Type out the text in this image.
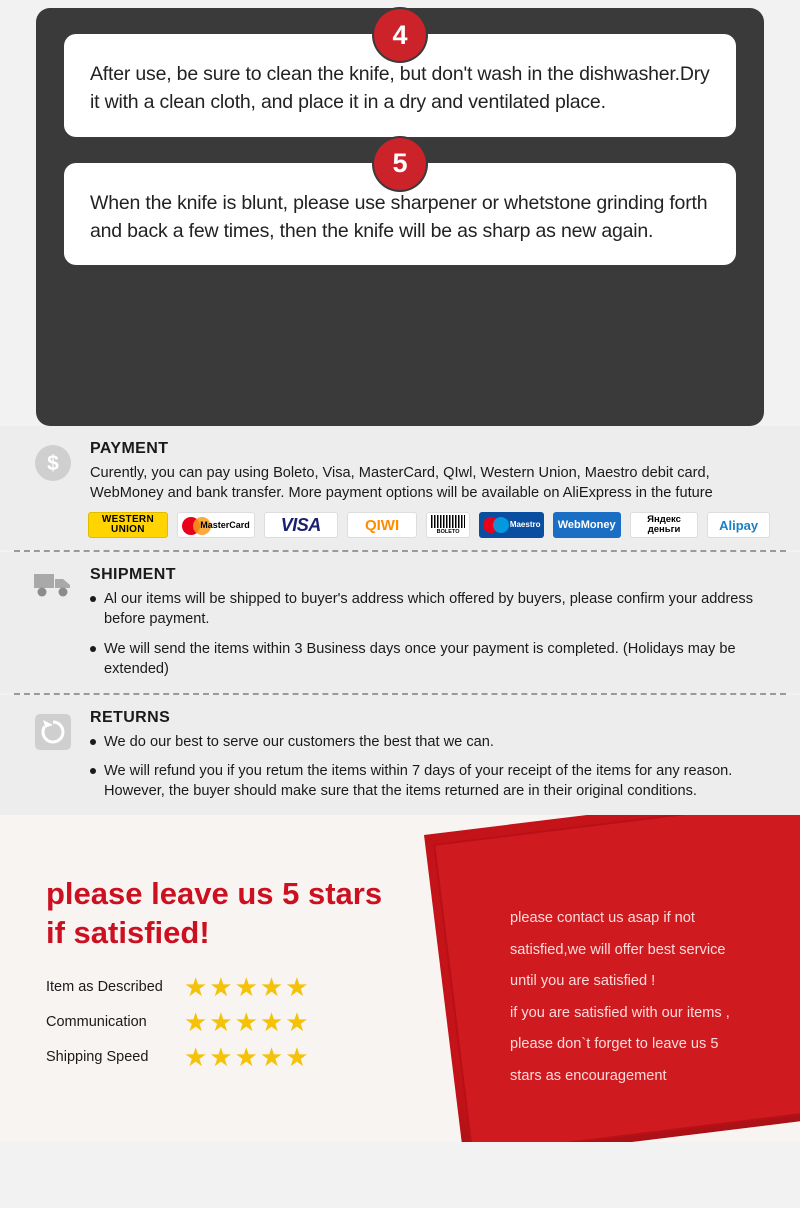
4
After use, be sure to clean the knife, but don't wash in the dishwasher.Dry it with a clean cloth, and place it in a dry and ventilated place.
5
When the knife is blunt, please use sharpener or whetstone grinding forth and back a few times, then the knife will be as sharp as new again.
$
PAYMENT
Curently, you can pay using Boleto, Visa, MasterCard, QIwl, Western Union, Maestro debit card, WebMoney and bank transfer. More payment options will be available on AliExpress in the future
WESTERN
UNION	MasterCard	VISA	QIWI	BOLETO
Maestro	WebMoney	Яндекс
деньги	Alipay
SHIPMENT
Al our items will be shipped to buyer's address which offered by buyers, please confirm your address before payment.
We will send the items within 3 Business days once your payment is completed. (Holidays may be extended)
RETURNS
We do our best to serve our customers the best that we can.
We will refund you if you retum the items within 7 days of your receipt of the items for any reason. However, the buyer should make sure that the items returned are in their original conditions.
please leave us 5 stars if satisfied!
Item as Described ★★★★★
Communication	★★★★★
Shipping Speed	★★★★★
please contact us asap if not
satisfied,we will offer best service
until you are satisfied !
if you are satisfied with our items ,
please don`t forget to leave us 5
stars as encouragement
